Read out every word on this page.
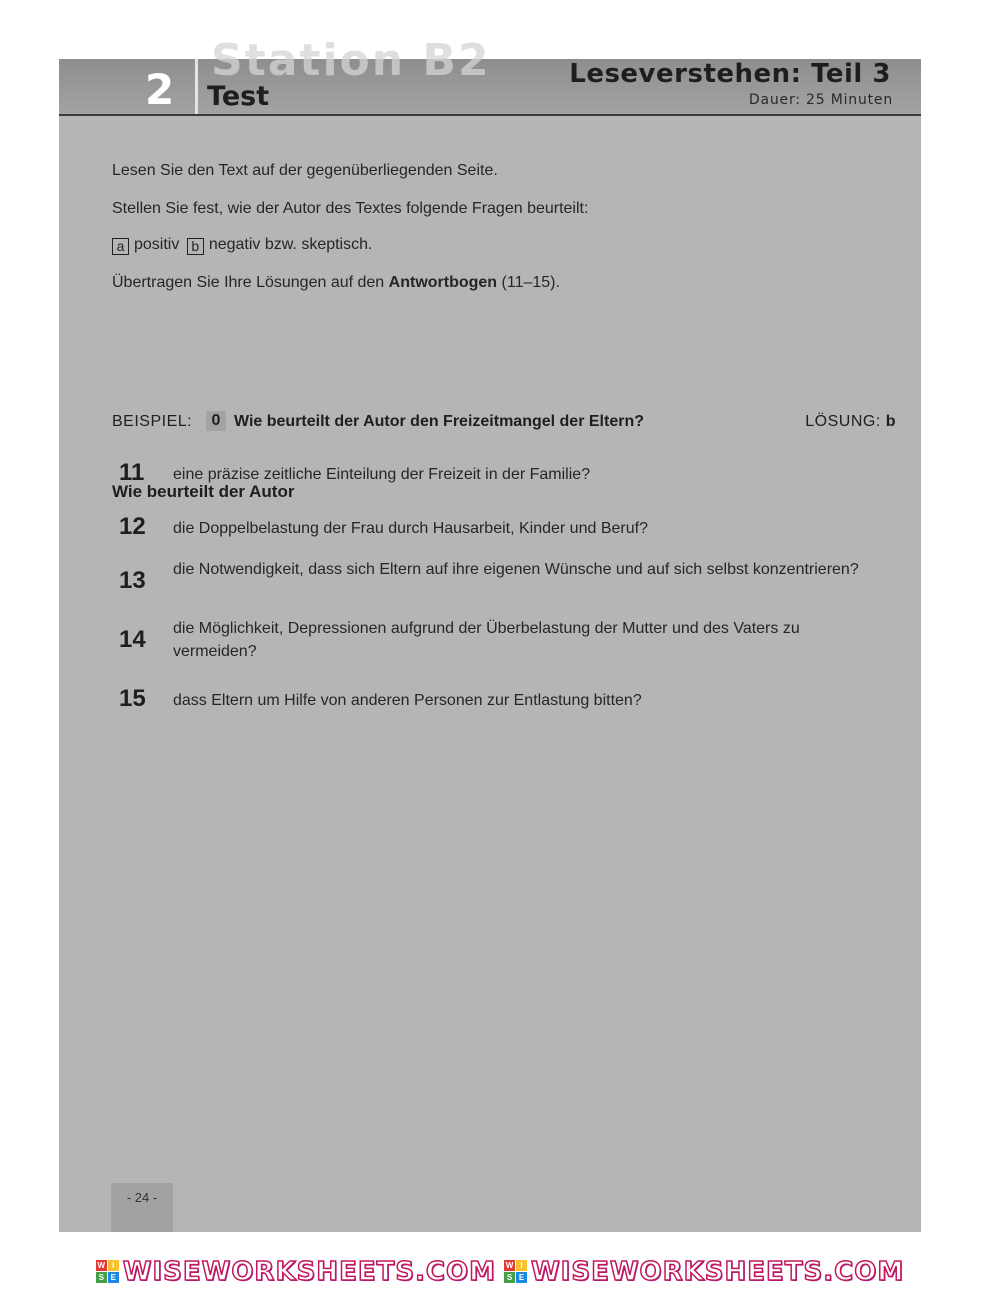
Station B2
2 Test
Leseverstehen: Teil 3
Dauer: 25 Minuten
Lesen Sie den Text auf der gegenüberliegenden Seite.
Stellen Sie fest, wie der Autor des Textes folgende Fragen beurteilt:
a positiv b negativ bzw. skeptisch.
Übertragen Sie Ihre Lösungen auf den Antwortbogen (11–15).
BEISPIEL:	0 Wie beurteilt der Autor den Freizeitmangel der Eltern?	LÖSUNG: b
Wie beurteilt der Autor
11 eine präzise zeitliche Einteilung der Freizeit in der Familie?
12 die Doppelbelastung der Frau durch Hausarbeit, Kinder und Beruf?
13 die Notwendigkeit, dass sich Eltern auf ihre eigenen Wünsche und auf sich selbst konzentrieren?
14 die Möglichkeit, Depressionen aufgrund der Überbelastung der Mutter und des Vaters zu vermeiden?
15 dass Eltern um Hilfe von anderen Personen zur Entlastung bitten?
- 24 -
W I
S E WISEWORKSHEETS.COM W I
S E WISEWORKSHEETS.COM
